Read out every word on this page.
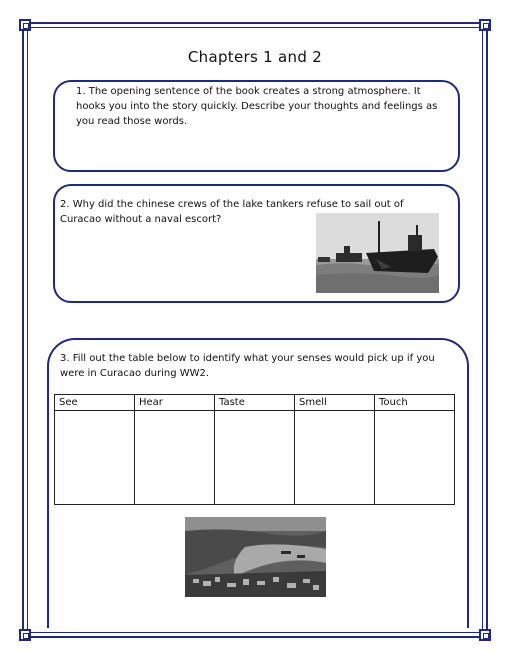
Chapters 1 and 2
1. The opening sentence of the book creates a strong atmosphere. It hooks you into the story quickly. Describe your thoughts and feelings as you read those words.
2. Why did the chinese crews of the lake tankers refuse to sail out of Curacao without a naval escort?
3. Fill out the table below to identify what your senses would pick up if you were in Curacao during WW2.
See	Hear	Taste	Smell	Touch
